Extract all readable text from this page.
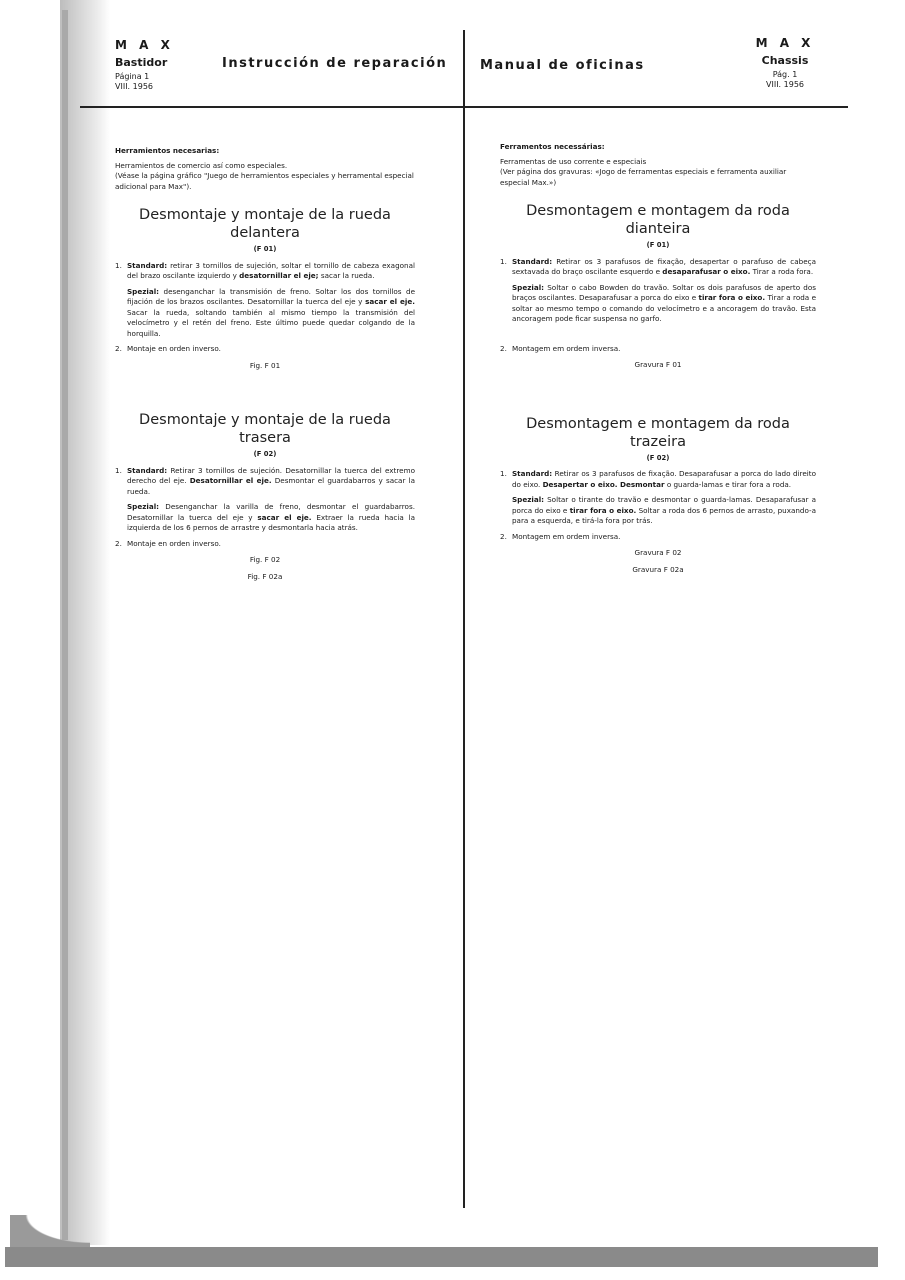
M A X
Bastidor
Página 1
VIII. 1956
Instrucción de reparación	Manual de oficinas
M A X
Chassis
Pág. 1
VIII. 1956
Herramientos necesarias:
Herramientos de comercio así como especiales.
(Véase la página gráfico "Juego de herramientos especiales y herramental especial adicional para Max").
Desmontaje y montaje de la rueda delantera
(F 01)
1. Standard: retirar 3 tornillos de sujeción, soltar el tornillo de cabeza exagonal del brazo oscilante izquierdo y desatornillar el eje; sacar la rueda.

Spezial: desenganchar la transmisión de freno. Soltar los dos tornillos de fijación de los brazos oscilantes. Desatornillar la tuerca del eje y sacar el eje. Sacar la rueda, soltando también al mismo tiempo la transmisión del velocímetro y el retén del freno. Este último puede quedar colgando de la horquilla.

2. Montaje en orden inverso.
Fig. F 01
Desmontaje y montaje de la rueda trasera
(F 02)
1. Standard: Retirar 3 tornillos de sujeción. Desatornillar la tuerca del extremo derecho del eje. Desatornillar el eje. Desmontar el guardabarros y sacar la rueda.

Spezial: Desenganchar la varilla de freno, desmontar el guardabarros. Desatornillar la tuerca del eje y sacar el eje. Extraer la rueda hacia la izquierda de los 6 pernos de arrastre y desmontarla hacia atrás.

2. Montaje en orden inverso.
Fig. F 02
Fig. F 02a
Ferramentos necessárias:
Ferramentas de uso corrente e especiais
(Ver página dos gravuras: «Jogo de ferramentas especiais e ferramenta auxiliar especial Max.»)
Desmontagem e montagem da roda dianteira
(F 01)
1. Standard: Retirar os 3 parafusos de fixação, desapertar o parafuso de cabeça sextavada do braço oscilante esquerdo e desaparafusar o eixo. Tirar a roda fora.

Spezial: Soltar o cabo Bowden do travão. Soltar os dois parafusos de aperto dos braços oscilantes. Desaparafusar a porca do eixo e tirar fora o eixo. Tirar a roda e soltar ao mesmo tempo o comando do velocímetro e a ancoragem do travão. Esta ancoragem pode ficar suspensa no garfo.

2. Montagem em ordem inversa.
Gravura F 01
Desmontagem e montagem da roda trazeira
(F 02)
1. Standard: Retirar os 3 parafusos de fixação. Desaparafusar a porca do lado direito do eixo. Desapertar o eixo. Desmontar o guarda-lamas e tirar fora a roda.

Spezial: Soltar o tirante do travão e desmontar o guarda-lamas. Desaparafusar a porca do eixo e tirar fora o eixo. Soltar a roda dos 6 pernos de arrasto, puxando-a para a esquerda, e tirá-la fora por trás.

2. Montagem em ordem inversa.
Gravura F 02
Gravura F 02a
